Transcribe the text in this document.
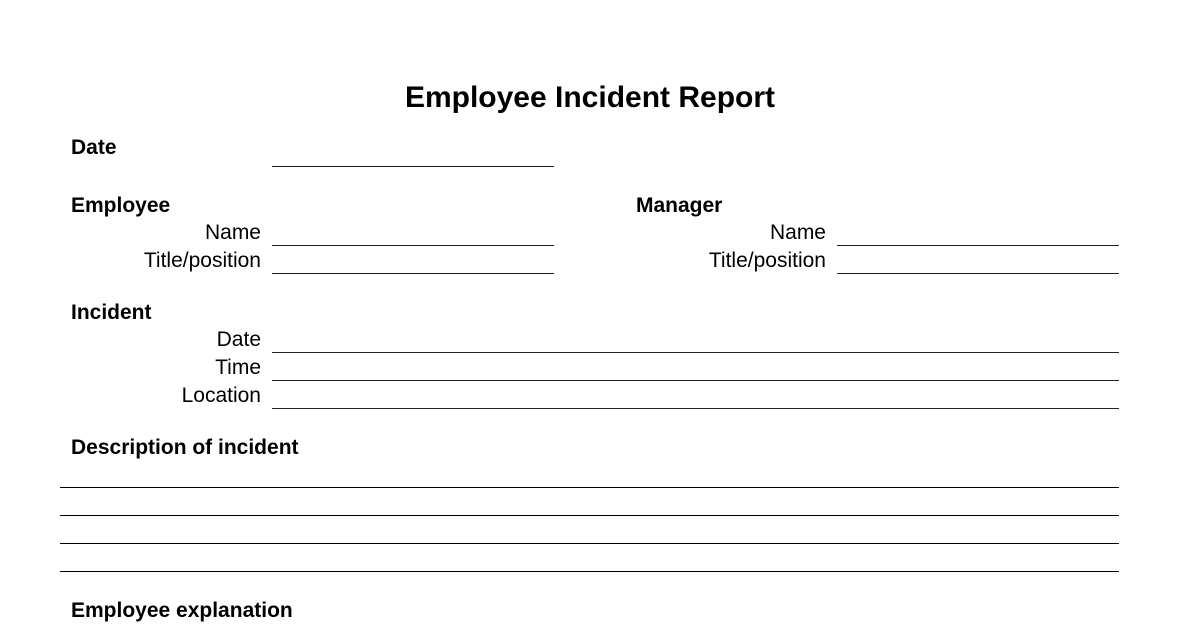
Employee Incident Report
Date
Employee
Name
Title/position
Manager
Name
Title/position
Incident
Date
Time
Location
Description of incident
Employee explanation
